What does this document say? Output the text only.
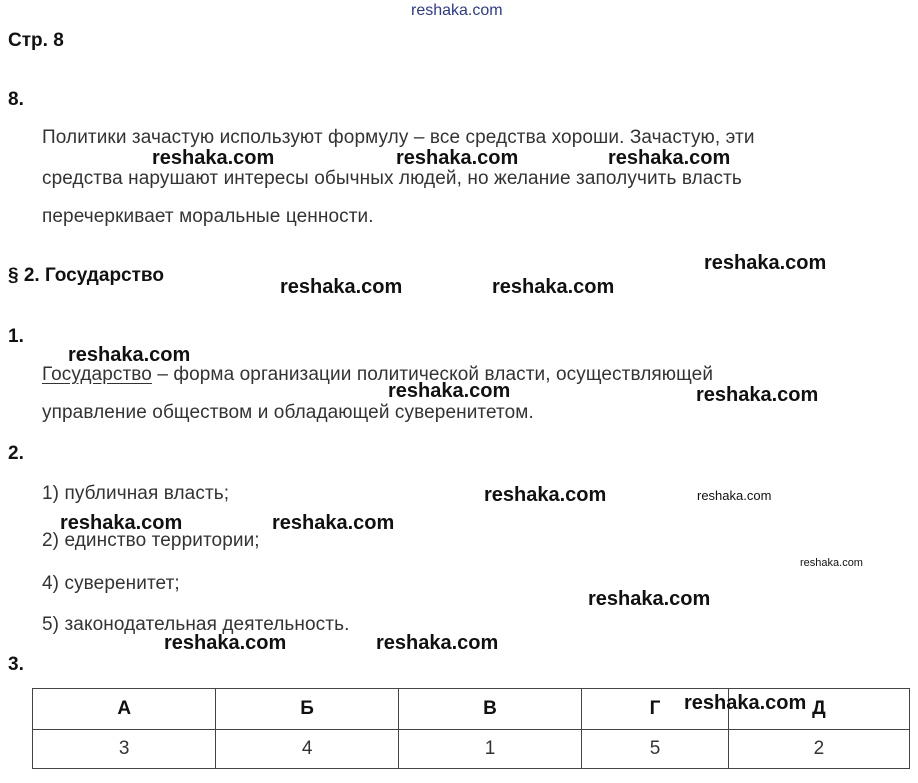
reshaka.com
Стр. 8
8.
Политики зачастую используют формулу – все средства хороши. Зачастую, эти
средства нарушают интересы обычных людей, но желание заполучить власть
перечеркивает моральные ценности.
§ 2. Государство
1.
Государство – форма организации политической власти, осуществляющей
управление обществом и обладающей суверенитетом.
2.
1) публичная власть;
2) единство территории;
4) суверенитет;
5) законодательная деятельность.
3.
А	Б	В	Г	Д
3	4	1	5	2
reshaka.com	reshaka.com	reshaka.com
reshaka.com
reshaka.com	reshaka.com
reshaka.com
reshaka.com	reshaka.com
reshaka.com	reshaka.com
reshaka.com	reshaka.com
reshaka.com
reshaka.com
reshaka.com	reshaka.com
reshaka.com
